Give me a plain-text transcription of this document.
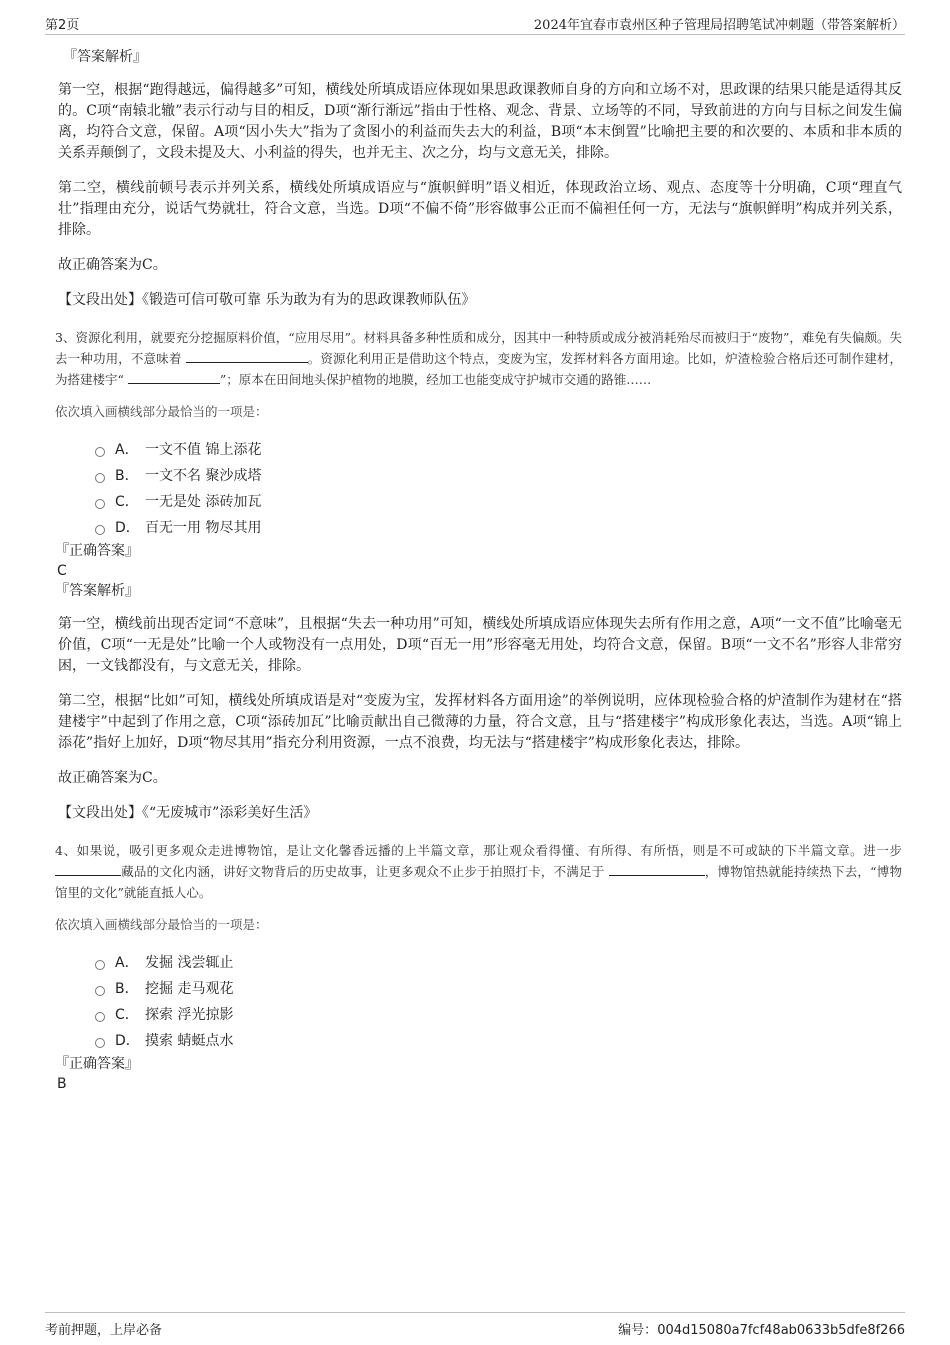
第2页	2024年宜春市袁州区种子管理局招聘笔试冲刺题（带答案解析）
『答案解析』

第一空，根据“跑得越远，偏得越多”可知，横线处所填成语应体现如果思政课教师自身的方向和立场不对，思政课的结果只能是适得其反的。C项“南辕北辙”表示行动与目的相反，D项“渐行渐远”指由于性格、观念、背景、立场等的不同，导致前进的方向与目标之间发生偏离，均符合文意，保留。A项“因小失大”指为了贪图小的利益而失去大的利益，B项“本末倒置”比喻把主要的和次要的、本质和非本质的关系弄颠倒了，文段未提及大、小利益的得失，也并无主、次之分，均与文意无关，排除。

第二空，横线前顿号表示并列关系，横线处所填成语应与“旗帜鲜明”语义相近，体现政治立场、观点、态度等十分明确，C项“理直气壮”指理由充分，说话气势就壮，符合文意，当选。D项“不偏不倚”形容做事公正而不偏袒任何一方，无法与“旗帜鲜明”构成并列关系，排除。

故正确答案为C。

【文段出处】《锻造可信可敬可靠 乐为敢为有为的思政课教师队伍》

3、资源化利用，就要充分挖掘原料价值，“应用尽用”。材料具备多种性质和成分，因其中一种特质或成分被消耗殆尽而被归于“废物”，难免有失偏颇。失去一种功用，不意味着	。资源化利用正是借助这个特点，变废为宝，发挥材料各方面用途。比如，炉渣检验合格后还可制作建材，为搭建楼宇“	”；原本在田间地头保护植物的地膜，经加工也能变成守护城市交通的路锥……

依次填入画横线部分最恰当的一项是：

A． 一文不值 锦上添花
B． 一文不名 聚沙成塔
C． 一无是处 添砖加瓦
D． 百无一用 物尽其用
『正确答案』
C
『答案解析』

第一空，横线前出现否定词“不意味”，且根据“失去一种功用”可知，横线处所填成语应体现失去所有作用之意，A项“一文不值”比喻毫无价值，C项“一无是处”比喻一个人或物没有一点用处，D项“百无一用”形容毫无用处，均符合文意，保留。B项“一文不名”形容人非常穷困，一文钱都没有，与文意无关，排除。

第二空，根据“比如”可知，横线处所填成语是对“变废为宝，发挥材料各方面用途”的举例说明，应体现检验合格的炉渣制作为建材在“搭建楼宇”中起到了作用之意，C项“添砖加瓦”比喻贡献出自己微薄的力量，符合文意，且与“搭建楼宇”构成形象化表达，当选。A项“锦上添花”指好上加好，D项“物尽其用”指充分利用资源，一点不浪费，均无法与“搭建楼宇”构成形象化表达，排除。

故正确答案为C。

【文段出处】《“无废城市”添彩美好生活》

4、如果说，吸引更多观众走进博物馆，是让文化馨香远播的上半篇文章，那让观众看得懂、有所得、有所悟，则是不可或缺的下半篇文章。进一步 藏品的文化内涵，讲好文物背后的历史故事，让更多观众不止步于拍照打卡，不满足于	，博物馆热就能持续热下去，“博物馆里的文化”就能直抵人心。

依次填入画横线部分最恰当的一项是：

A． 发掘 浅尝辄止
B． 挖掘 走马观花
C． 探索 浮光掠影
D． 摸索 蜻蜓点水
『正确答案』
B
考前押题，上岸必备	编号：004d15080a7fcf48ab0633b5dfe8f266
